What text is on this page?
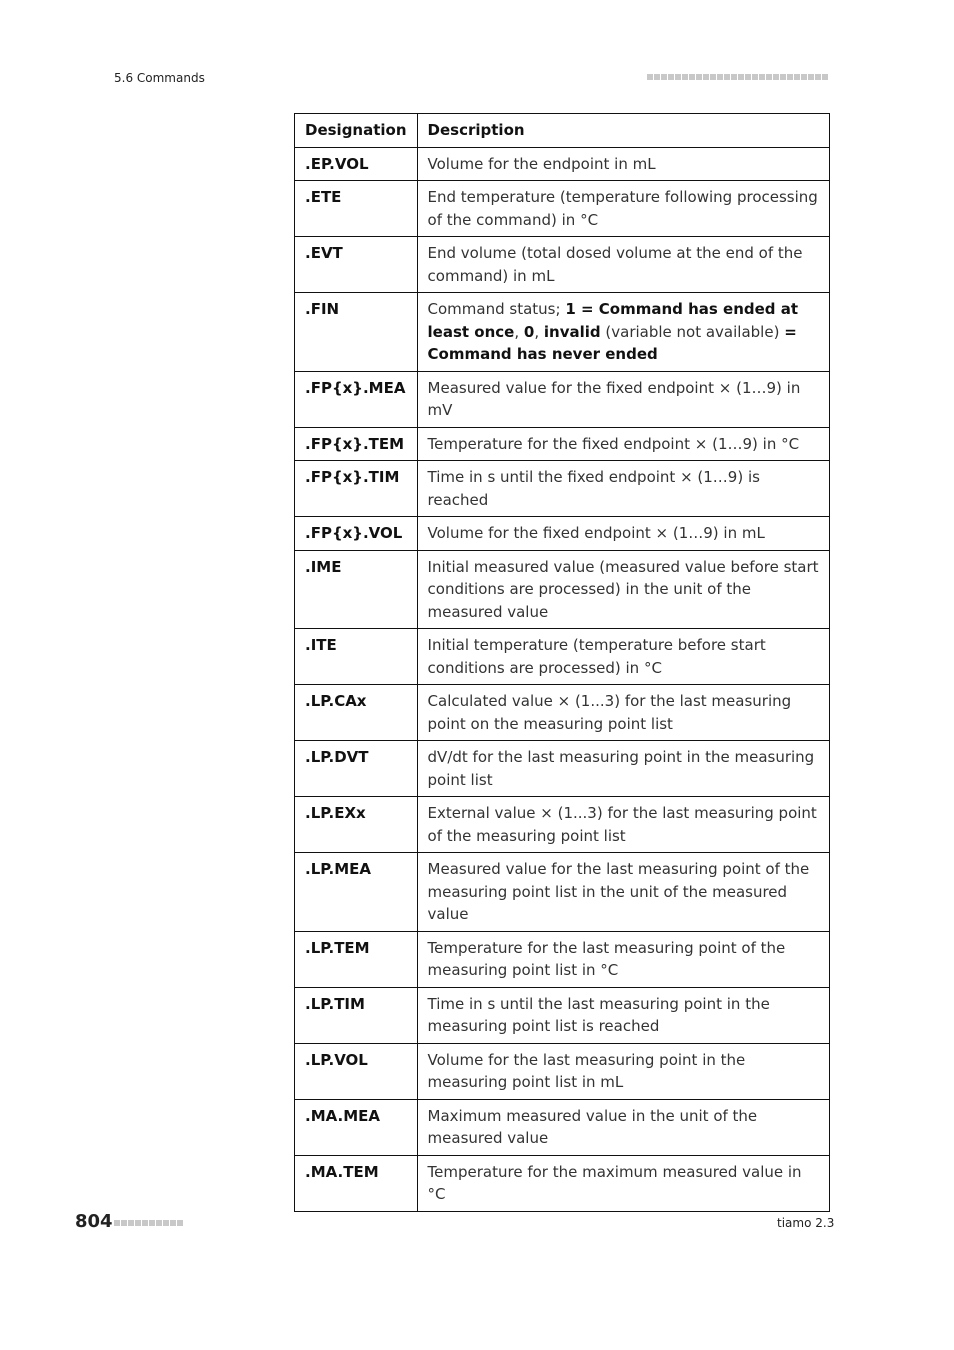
5.6 Commands
Designation	Description
.EP.VOL	Volume for the endpoint in mL
.ETE	End temperature (temperature following processing of the command) in °C
.EVT	End volume (total dosed volume at the end of the command) in mL
.FIN	Command status; 1 = Command has ended at least once, 0, invalid (variable not available) = Command has never ended
.FP{x}.MEA	Measured value for the fixed endpoint × (1…9) in mV
.FP{x}.TEM	Temperature for the fixed endpoint × (1…9) in °C
.FP{x}.TIM	Time in s until the fixed endpoint × (1…9) is reached
.FP{x}.VOL	Volume for the fixed endpoint × (1…9) in mL
.IME	Initial measured value (measured value before start conditions are processed) in the unit of the measured value
.ITE	Initial temperature (temperature before start conditions are processed) in °C
.LP.CAx	Calculated value × (1...3) for the last measuring point on the measuring point list
.LP.DVT	dV/dt for the last measuring point in the measuring point list
.LP.EXx	External value × (1...3) for the last measuring point of the measuring point list
.LP.MEA	Measured value for the last measuring point of the measuring point list in the unit of the measured value
.LP.TEM	Temperature for the last measuring point of the measuring point list in °C
.LP.TIM	Time in s until the last measuring point in the measuring point list is reached
.LP.VOL	Volume for the last measuring point in the measuring point list in mL
.MA.MEA	Maximum measured value in the unit of the measured value
.MA.TEM	Temperature for the maximum measured value in °C
804	tiamo 2.3
